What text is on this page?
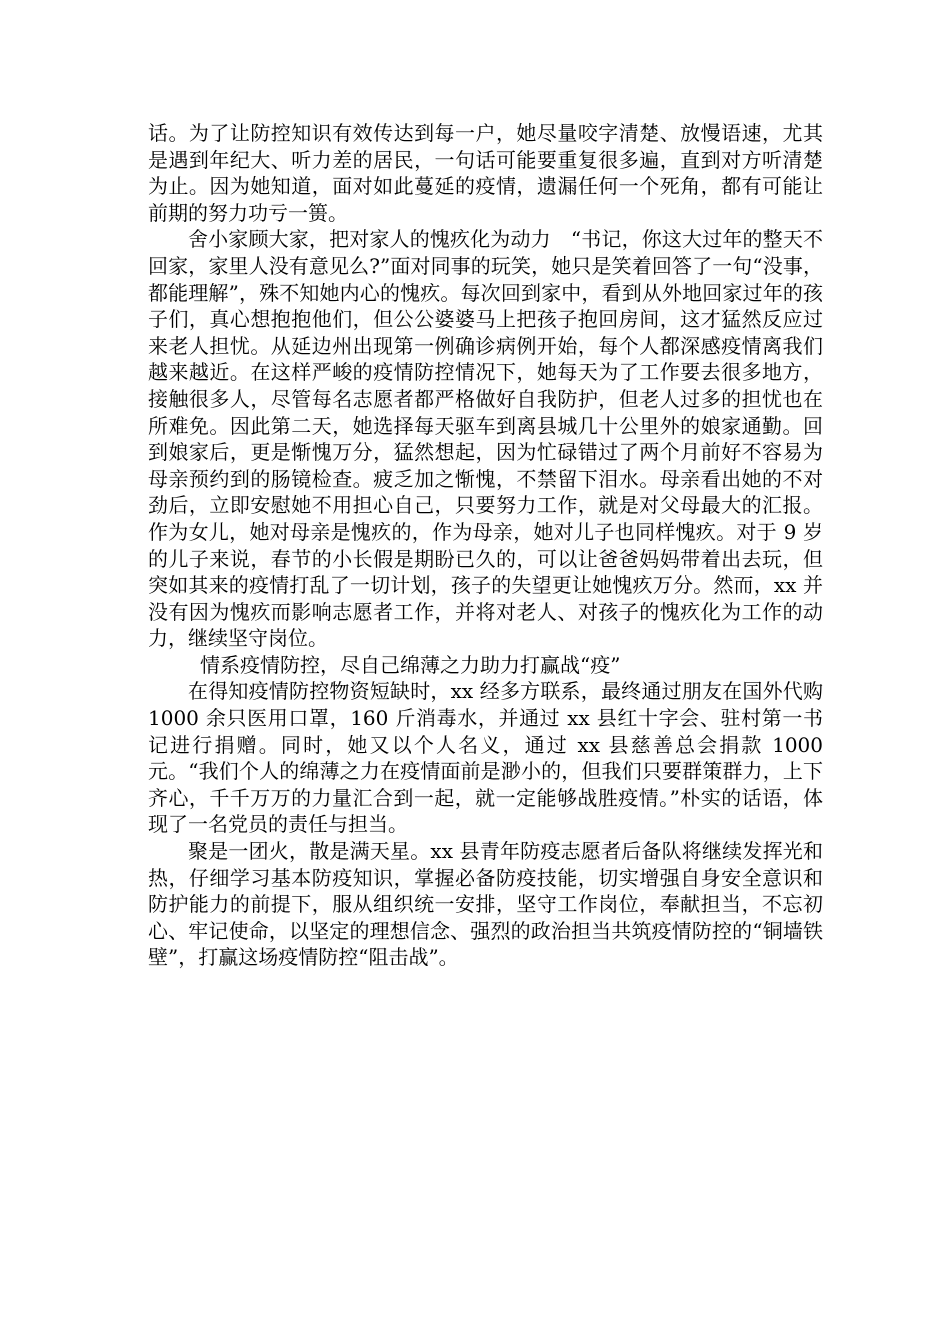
话。为了让防控知识有效传达到每一户，她尽量咬字清楚、放慢语速，尤其是遇到年纪大、听力差的居民，一句话可能要重复很多遍，直到对方听清楚为止。因为她知道，面对如此蔓延的疫情，遗漏任何一个死角，都有可能让前期的努力功亏一篑。

舍小家顾大家，把对家人的愧疚化为动力　“书记，你这大过年的整天不回家，家里人没有意见么?”面对同事的玩笑，她只是笑着回答了一句“没事，都能理解”，殊不知她内心的愧疚。每次回到家中，看到从外地回家过年的孩子们，真心想抱抱他们，但公公婆婆马上把孩子抱回房间，这才猛然反应过来老人担忧。从延边州出现第一例确诊病例开始，每个人都深感疫情离我们越来越近。在这样严峻的疫情防控情况下，她每天为了工作要去很多地方，接触很多人，尽管每名志愿者都严格做好自我防护，但老人过多的担忧也在所难免。因此第二天，她选择每天驱车到离县城几十公里外的娘家通勤。回到娘家后，更是惭愧万分，猛然想起，因为忙碌错过了两个月前好不容易为母亲预约到的肠镜检查。疲乏加之惭愧，不禁留下泪水。母亲看出她的不对劲后，立即安慰她不用担心自己，只要努力工作，就是对父母最大的汇报。作为女儿，她对母亲是愧疚的，作为母亲，她对儿子也同样愧疚。对于 9 岁的儿子来说，春节的小长假是期盼已久的，可以让爸爸妈妈带着出去玩，但突如其来的疫情打乱了一切计划，孩子的失望更让她愧疚万分。然而，xx 并没有因为愧疚而影响志愿者工作，并将对老人、对孩子的愧疚化为工作的动力，继续坚守岗位。

情系疫情防控，尽自己绵薄之力助力打赢战“疫”

在得知疫情防控物资短缺时，xx 经多方联系，最终通过朋友在国外代购 1000 余只医用口罩，160 斤消毒水，并通过 xx 县红十字会、驻村第一书记进行捐赠。同时，她又以个人名义，通过 xx 县慈善总会捐款 1000 元。“我们个人的绵薄之力在疫情面前是渺小的，但我们只要群策群力，上下齐心，千千万万的力量汇合到一起，就一定能够战胜疫情。”朴实的话语，体现了一名党员的责任与担当。

聚是一团火，散是满天星。xx 县青年防疫志愿者后备队将继续发挥光和热，仔细学习基本防疫知识，掌握必备防疫技能，切实增强自身安全意识和防护能力的前提下，服从组织统一安排，坚守工作岗位，奉献担当，不忘初心、牢记使命，以坚定的理想信念、强烈的政治担当共筑疫情防控的“铜墙铁壁”，打赢这场疫情防控“阻击战”。
